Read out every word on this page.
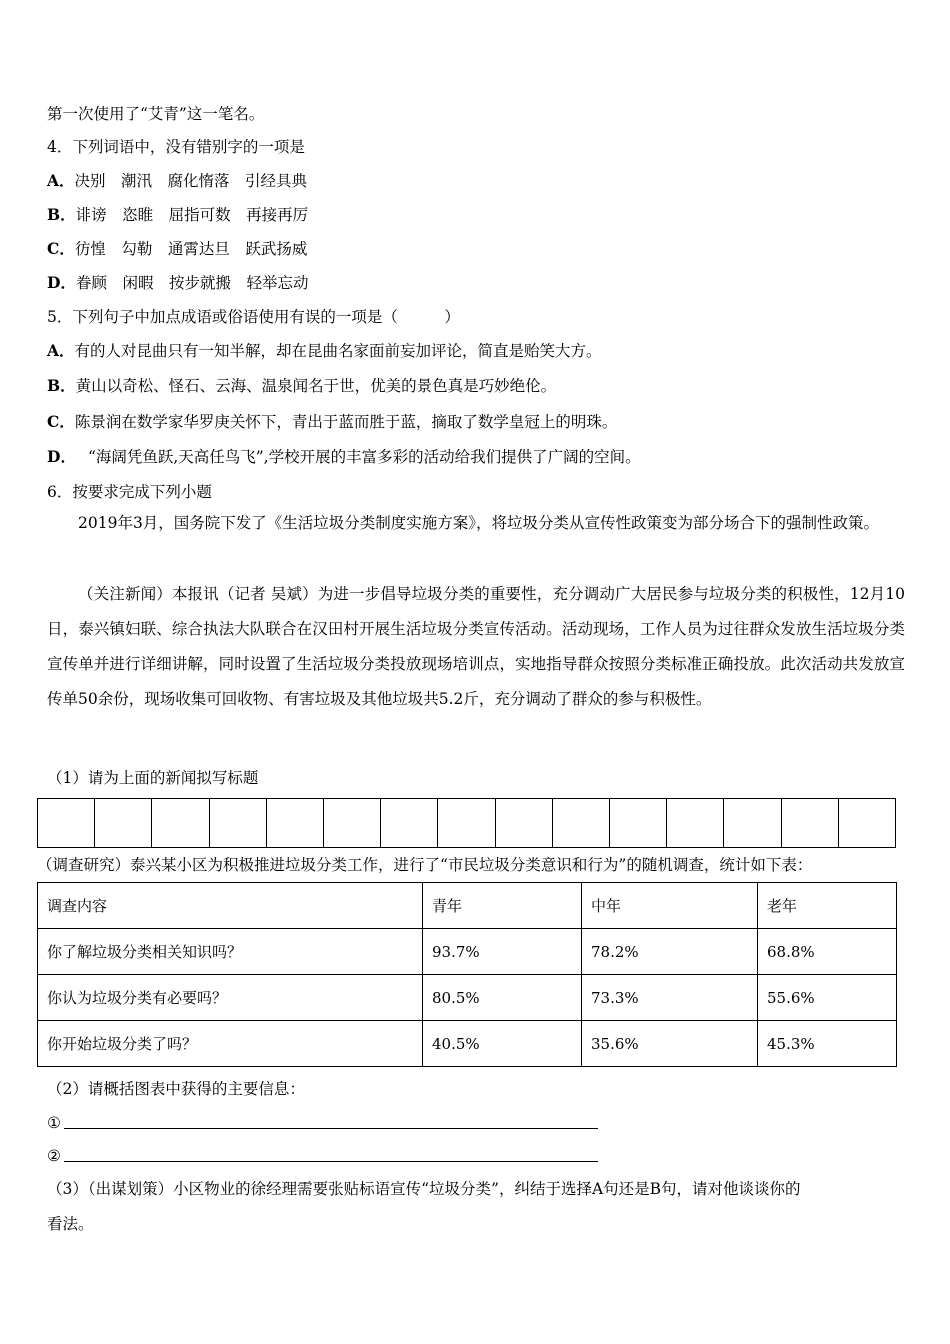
第一次使用了“艾青”这一笔名。
4．下列词语中，没有错别字的一项是
A．决别　潮汛　腐化惰落　引经具典
B．诽谤　恣睢　屈指可数　再接再厉
C．彷惶　勾勒　通霄达旦　跃武扬威
D．眷顾　闲暇　按步就搬　轻举忘动
5．下列句子中加点成语或俗语使用有误的一项是（　　　）
A．有的人对昆曲只有一知半解，却在昆曲名家面前妄加评论，简直是贻笑大方。
B．黄山以奇松、怪石、云海、温泉闻名于世，优美的景色真是巧妙绝伦。
C．陈景润在数学家华罗庚关怀下，青出于蓝而胜于蓝，摘取了数学皇冠上的明珠。
D． “海阔凭鱼跃,天高任鸟飞”,学校开展的丰富多彩的活动给我们提供了广阔的空间。
6．按要求完成下列小题
2019年3月，国务院下发了《生活垃圾分类制度实施方案》，将垃圾分类从宣传性政策变为部分场合下的强制性政策。
（关注新闻）本报讯（记者 吴斌）为进一步倡导垃圾分类的重要性，充分调动广大居民参与垃圾分类的积极性，12月10日，泰兴镇妇联、综合执法大队联合在汉田村开展生活垃圾分类宣传活动。活动现场，工作人员为过往群众发放生活垃圾分类宣传单并进行详细讲解，同时设置了生活垃圾分类投放现场培训点，实地指导群众按照分类标准正确投放。此次活动共发放宣传单50余份，现场收集可回收物、有害垃圾及其他垃圾共5.2斤，充分调动了群众的参与积极性。
（1）请为上面的新闻拟写标题
（调查研究）泰兴某小区为积极推进垃圾分类工作，进行了“市民垃圾分类意识和行为”的随机调查，统计如下表：
调查内容	青年	中年	老年
你了解垃圾分类相关知识吗？	93.7%	78.2%	68.8%
你认为垃圾分类有必要吗？	80.5%	73.3%	55.6%
你开始垃圾分类了吗？	40.5%	35.6%	45.3%
（2）请概括图表中获得的主要信息：
①
②
（3）（出谋划策）小区物业的徐经理需要张贴标语宣传“垃圾分类”，纠结于选择A句还是B句，请对他谈谈你的
看法。
